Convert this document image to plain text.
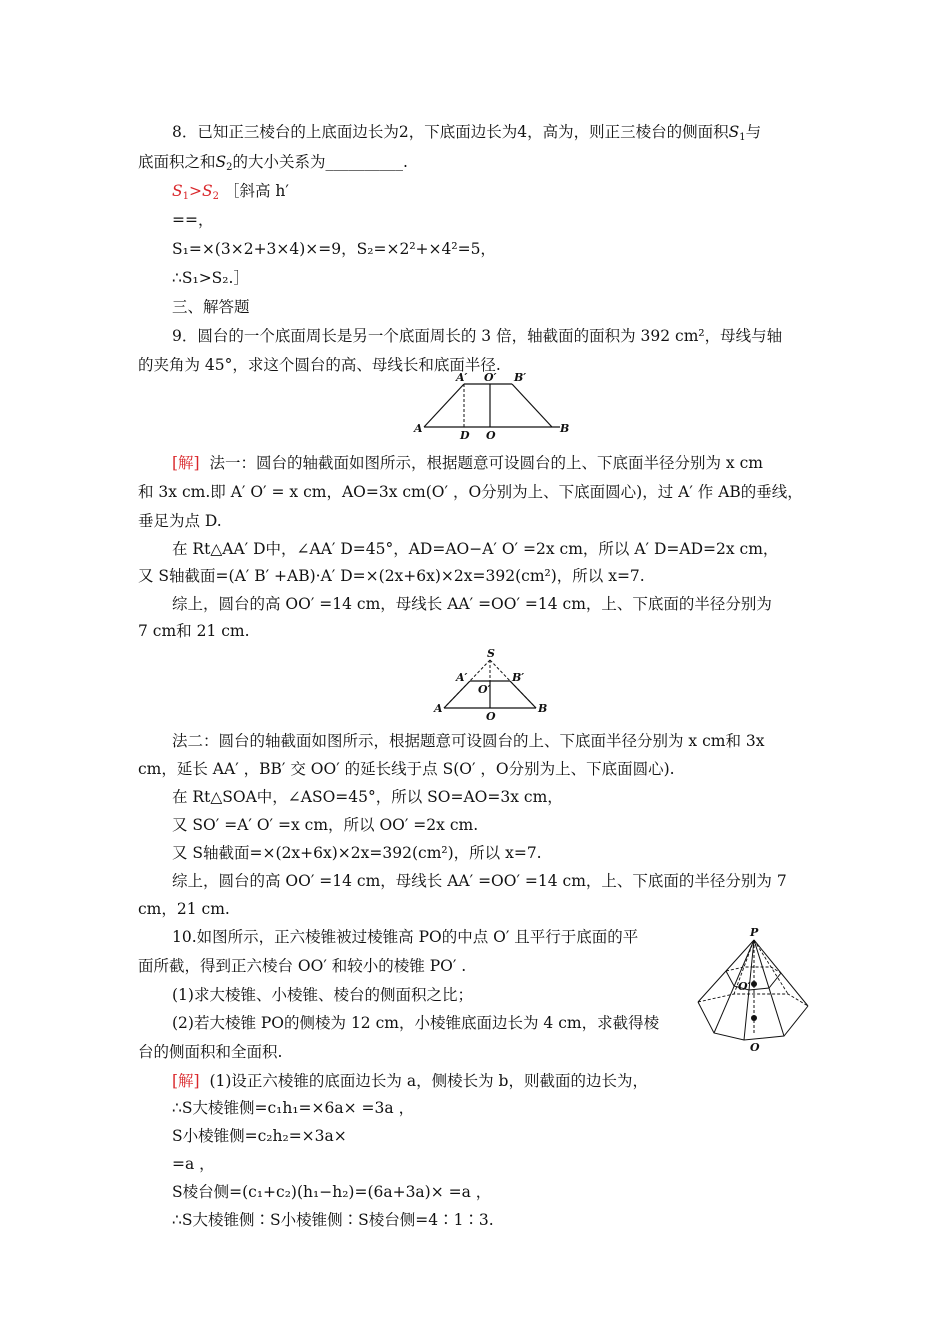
8．已知正三棱台的上底面边长为2，下底面边长为4，高为，则正三棱台的侧面积$S_1$与
底面积之和$S_2$的大小关系为__________.
$S_1>S_2$ ［斜高 h′
==，
S₁=×(3×2+3×4)×=9，S₂=×2²+×4²=5，
∴S₁>S₂.］
三、解答题
9．圆台的一个底面周长是另一个底面周长的 3 倍，轴截面的面积为 392 cm²，母线与轴
的夹角为 45°，求这个圆台的高、母线长和底面半径.
A′ O′ B′
A
D O
B
[解] 法一：圆台的轴截面如图所示，根据题意可设圆台的上、下底面半径分别为 x cm
和 3x cm.即 A′ O′ = x cm，AO=3x cm(O′ ，O分别为上、下底面圆心)，过 A′ 作 AB的垂线，
垂足为点 D.
在 Rt△AA′ D中，∠AA′ D=45°，AD=AO−A′ O′ =2x cm，所以 A′ D=AD=2x cm，
又 S轴截面=(A′ B′ +AB)·A′ D=×(2x+6x)×2x=392(cm²)，所以 x=7.
综上，圆台的高 OO′ =14 cm，母线长 AA′ =OO′ =14 cm，上、下底面的半径分别为
7 cm和 21 cm.
S
A′	B′
O′
A
O
B
法二：圆台的轴截面如图所示，根据题意可设圆台的上、下底面半径分别为 x cm和 3x
cm，延长 AA′ ，BB′ 交 OO′ 的延长线于点 S(O′ ，O分别为上、下底面圆心).
在 Rt△SOA中，∠ASO=45°，所以 SO=AO=3x cm，
又 SO′ =A′ O′ =x cm，所以 OO′ =2x cm.
又 S轴截面=×(2x+6x)×2x=392(cm²)，所以 x=7.
综上，圆台的高 OO′ =14 cm，母线长 AA′ =OO′ =14 cm，上、下底面的半径分别为 7
cm，21 cm.
10.如图所示，正六棱锥被过棱锥高 PO的中点 O′ 且平行于底面的平
面所截，得到正六棱台 OO′ 和较小的棱锥 PO′ .
(1)求大棱锥、小棱锥、棱台的侧面积之比；
(2)若大棱锥 PO的侧棱为 12 cm，小棱锥底面边长为 4 cm，求截得棱
台的侧面积和全面积.
P
O′
O
[解] (1)设正六棱锥的底面边长为 a，侧棱长为 b，则截面的边长为，
∴S大棱锥侧=c₁h₁=×6a× =3a ，
S小棱锥侧=c₂h₂=×3a×
=a ，
S棱台侧=(c₁+c₂)(h₁−h₂)=(6a+3a)× =a ，
∴S大棱锥侧∶S小棱锥侧∶S棱台侧=4∶1∶3.
